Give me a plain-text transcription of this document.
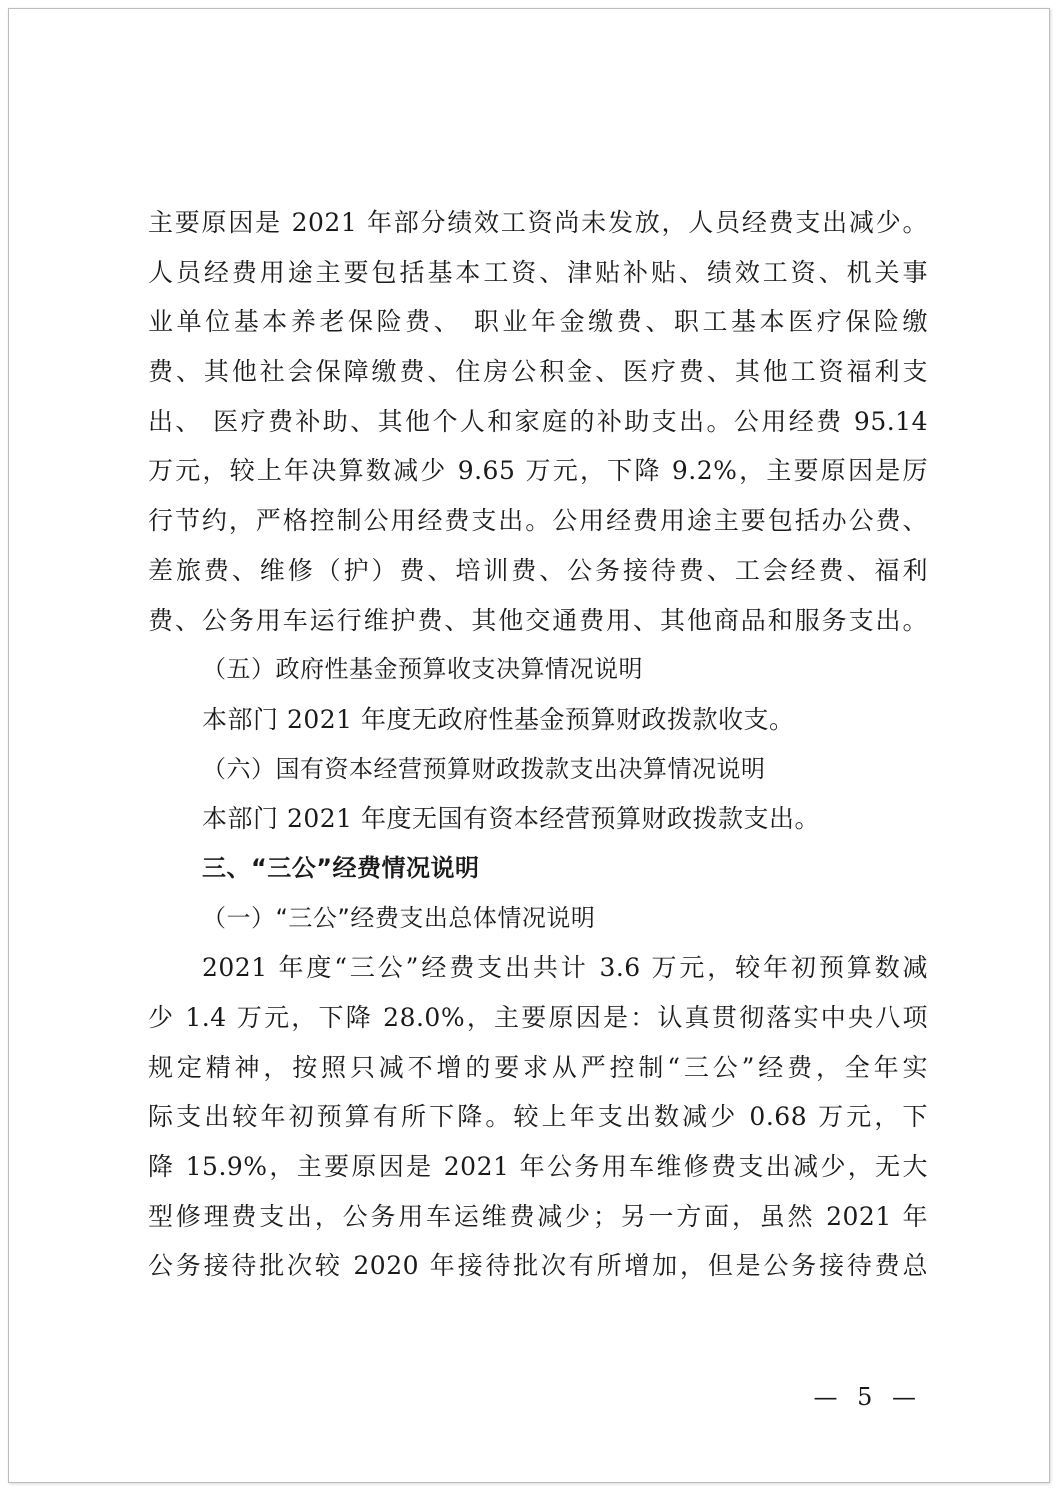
主要原因是 2021 年部分绩效工资尚未发放，人员经费支出减少。
人员经费用途主要包括基本工资、津贴补贴、绩效工资、机关事
业单位基本养老保险费、 职业年金缴费、职工基本医疗保险缴
费、其他社会保障缴费、住房公积金、医疗费、其他工资福利支
出、 医疗费补助、其他个人和家庭的补助支出。公用经费 95.14
万元，较上年决算数减少 9.65 万元，下降 9.2%，主要原因是厉
行节约，严格控制公用经费支出。公用经费用途主要包括办公费、
差旅费、维修（护）费、培训费、公务接待费、工会经费、福利
费、公务用车运行维护费、其他交通费用、其他商品和服务支出。
（五）政府性基金预算收支决算情况说明
本部门 2021 年度无政府性基金预算财政拨款收支。
（六）国有资本经营预算财政拨款支出决算情况说明
本部门 2021 年度无国有资本经营预算财政拨款支出。
三、“三公”经费情况说明
（一）“三公”经费支出总体情况说明
2021 年度“三公”经费支出共计 3.6 万元，较年初预算数减
少 1.4 万元，下降 28.0%，主要原因是：认真贯彻落实中央八项
规定精神，按照只减不增的要求从严控制“三公”经费，全年实
际支出较年初预算有所下降。较上年支出数减少 0.68 万元，下
降 15.9%，主要原因是 2021 年公务用车维修费支出减少，无大
型修理费支出，公务用车运维费减少；另一方面，虽然 2021 年
公务接待批次较 2020 年接待批次有所增加，但是公务接待费总
— 5 —
